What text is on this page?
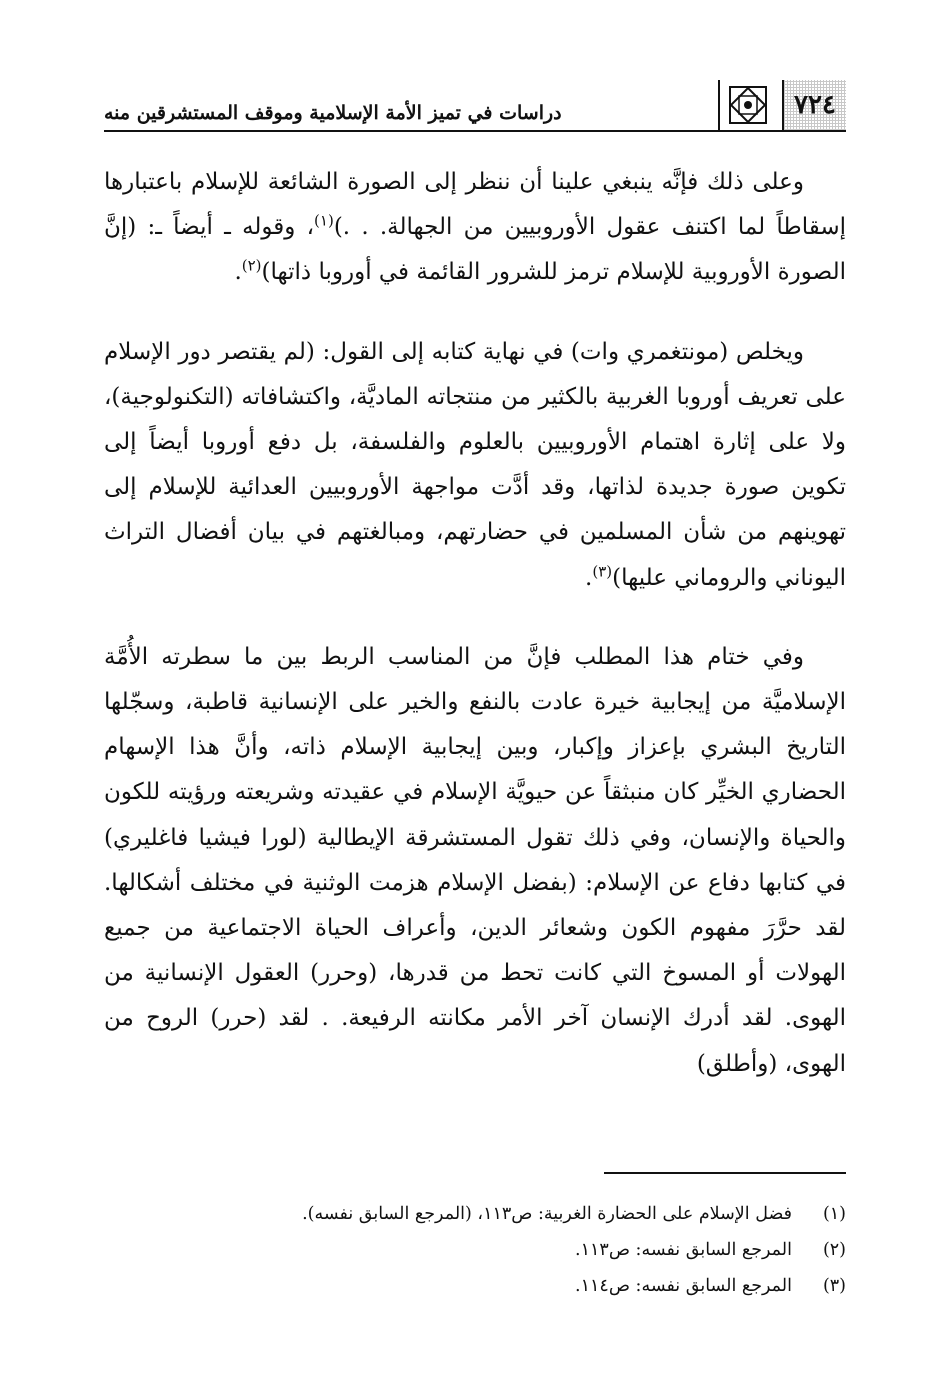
٧٢٤
دراسات في تميز الأمة الإسلامية وموقف المستشرقين منه

وعلى ذلك فإنَّه ينبغي علينا أن ننظر إلى الصورة الشائعة للإسلام باعتبارها إسقاطاً لما اكتنف عقول الأوروبيين من الجهالة. . .)$^{(١)}$، وقوله ـ أيضاً ـ: (إنَّ الصورة الأوروبية للإسلام ترمز للشرور القائمة في أوروبا ذاتها)$^{(٢)}$.

ويخلص (مونتغمري وات) في نهاية كتابه إلى القول: (لم يقتصر دور الإسلام على تعريف أوروبا الغربية بالكثير من منتجاته الماديَّة، واكتشافاته (التكنولوجية)، ولا على إثارة اهتمام الأوروبيين بالعلوم والفلسفة، بل دفع أوروبا أيضاً إلى تكوين صورة جديدة لذاتها، وقد أدَّت مواجهة الأوروبيين العدائية للإسلام إلى تهوينهم من شأن المسلمين في حضارتهم، ومبالغتهم في بيان أفضال التراث اليوناني والروماني عليها)$^{(٣)}$.

وفي ختام هذا المطلب فإنَّ من المناسب الربط بين ما سطرته الأُمَّة الإسلاميَّة من إيجابية خيرة عادت بالنفع والخير على الإنسانية قاطبة، وسجّلها التاريخ البشري بإعزاز وإكبار، وبين إيجابية الإسلام ذاته، وأنَّ هذا الإسهام الحضاري الخيِّر كان منبثقاً عن حيويَّة الإسلام في عقيدته وشريعته ورؤيته للكون والحياة والإنسان، وفي ذلك تقول المستشرقة الإيطالية (لورا فيشيا فاغليري) في كتابها دفاع عن الإسلام: (بفضل الإسلام هزمت الوثنية في مختلف أشكالها. لقد حرَّرَ مفهوم الكون وشعائر الدين، وأعراف الحياة الاجتماعية من جميع الهولات أو المسوخ التي كانت تحط من قدرها، (وحرر) العقول الإنسانية من الهوى. لقد أدرك الإنسان آخر الأمر مكانته الرفيعة. . لقد (حرر) الروح من الهوى، (وأطلق)

(١)
فضل الإسلام على الحضارة الغربية: ص١١٣، (المرجع السابق نفسه).
(٢)
المرجع السابق نفسه: ص١١٣.
(٣)
المرجع السابق نفسه: ص١١٤.
